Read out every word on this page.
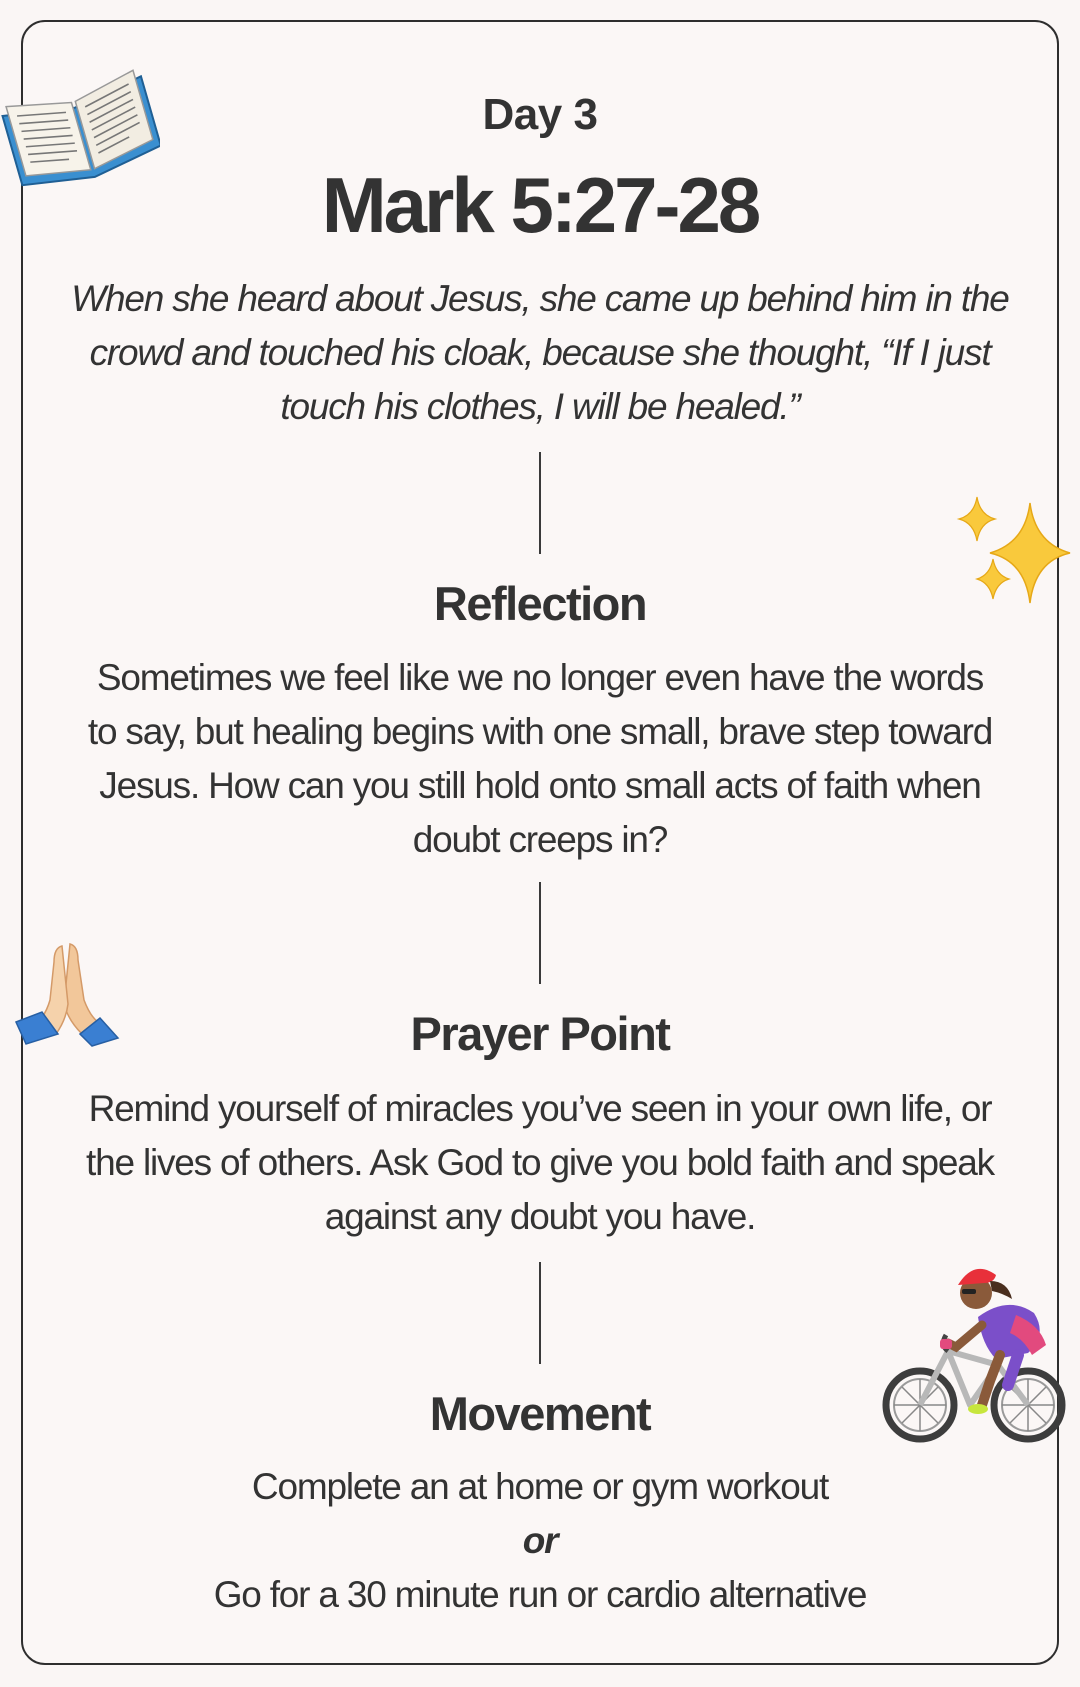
Day 3
Mark 5:27-28
When she heard about Jesus, she came up behind him in the crowd and touched his cloak, because she thought, “If I just touch his clothes, I will be healed.”
Reflection
Sometimes we feel like we no longer even have the words to say, but healing begins with one small, brave step toward Jesus. How can you still hold onto small acts of faith when doubt creeps in?
Prayer Point
Remind yourself of miracles you’ve seen in your own life, or the lives of others. Ask God to give you bold faith and speak against any doubt you have.
Movement
Complete an at home or gym workout
or
Go for a 30 minute run or cardio alternative
